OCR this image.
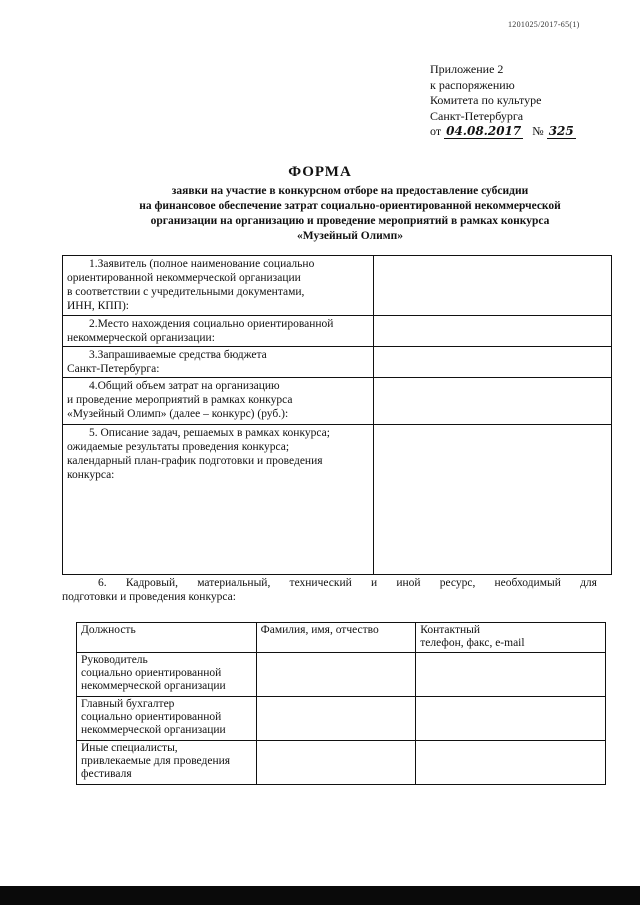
1201025/2017-65(1)
Приложение 2
к распоряжению
Комитета по культуре
Санкт-Петербурга
от 04.08.2017 № 325
ФОРМА
заявки на участие в конкурсном отборе на предоставление субсидии
на финансовое обеспечение затрат социально-ориентированной некоммерческой
организации на организацию и проведение мероприятий в рамках конкурса
«Музейный Олимп»
1.Заявитель (полное наименование социально
ориентированной некоммерческой организации
в соответствии с учредительными документами,
ИНН, КПП):	

2.Место нахождения социально ориентированной
некоммерческой организации:	

3.Запрашиваемые средства бюджета
Санкт-Петербурга:	

4.Общий объем затрат на организацию
и проведение мероприятий в рамках конкурса
«Музейный Олимп» (далее – конкурс) (руб.):	

5. Описание задач, решаемых в рамках конкурса;
ожидаемые результаты проведения конкурса;
календарный план-график подготовки и проведения
конкурса:	

6. Кадровый, материальный, технический и иной ресурс, необходимый для
подготовки и проведения конкурса:
Должность	Фамилия, имя, отчество	Контактный
телефон, факс, e-mail

Руководитель
социально ориентированной
некоммерческой организации		

Главный бухгалтер
социально ориентированной
некоммерческой организации		

Иные специалисты,
привлекаемые для проведения
фестиваля		
